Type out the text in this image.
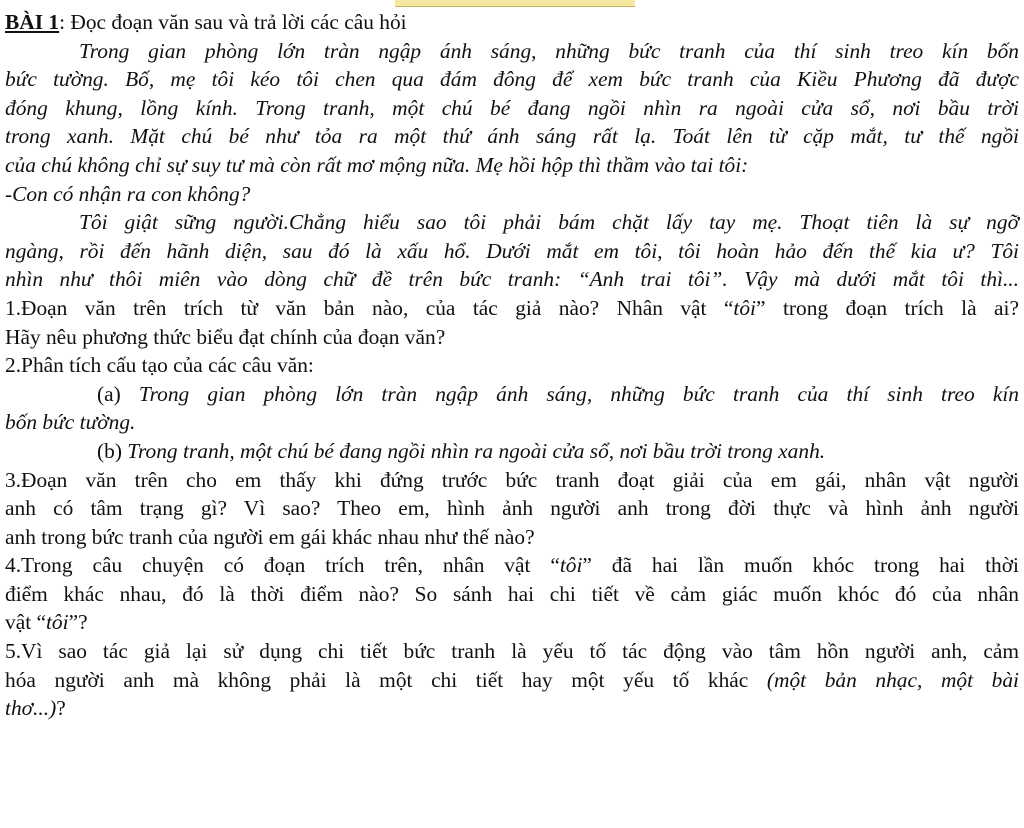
BÀI 1: Đọc đoạn văn sau và trả lời các câu hỏi
Trong gian phòng lớn tràn ngập ánh sáng, những bức tranh của thí sinh treo kín bốn
bức tường. Bố, mẹ tôi kéo tôi chen qua đám đông để xem bức tranh của Kiều Phương đã được
đóng khung, lồng kính. Trong tranh, một chú bé đang ngồi nhìn ra ngoài cửa sổ, nơi bầu trời
trong xanh. Mặt chú bé như tỏa ra một thứ ánh sáng rất lạ. Toát lên từ cặp mắt, tư thế ngồi
của chú không chỉ sự suy tư mà còn rất mơ mộng nữa. Mẹ hồi hộp thì thầm vào tai tôi:
-Con có nhận ra con không?
Tôi giật sững người.Chẳng hiểu sao tôi phải bám chặt lấy tay mẹ. Thoạt tiên là sự ngỡ
ngàng, rồi đến hãnh diện, sau đó là xấu hổ. Dưới mắt em tôi, tôi hoàn hảo đến thế kia ư? Tôi
nhìn như thôi miên vào dòng chữ đề trên bức tranh: “Anh trai tôi”. Vậy mà dưới mắt tôi thì...
1.Đoạn văn trên trích từ văn bản nào, của tác giả nào? Nhân vật “tôi” trong đoạn trích là ai?
Hãy nêu phương thức biểu đạt chính của đoạn văn?
2.Phân tích cấu tạo của các câu văn:
(a) Trong gian phòng lớn tràn ngập ánh sáng, những bức tranh của thí sinh treo kín
bốn bức tường.
(b) Trong tranh, một chú bé đang ngồi nhìn ra ngoài cửa sổ, nơi bầu trời trong xanh.
3.Đoạn văn trên cho em thấy khi đứng trước bức tranh đoạt giải của em gái, nhân vật người
anh có tâm trạng gì? Vì sao? Theo em, hình ảnh người anh trong đời thực và hình ảnh người
anh trong bức tranh của người em gái khác nhau như thế nào?
4.Trong câu chuyện có đoạn trích trên, nhân vật “tôi” đã hai lần muốn khóc trong hai thời
điểm khác nhau, đó là thời điểm nào? So sánh hai chi tiết về cảm giác muốn khóc đó của nhân
vật “tôi”?
5.Vì sao tác giả lại sử dụng chi tiết bức tranh là yếu tố tác động vào tâm hồn người anh, cảm
hóa người anh mà không phải là một chi tiết hay một yếu tố khác (một bản nhạc, một bài
thơ...)?
